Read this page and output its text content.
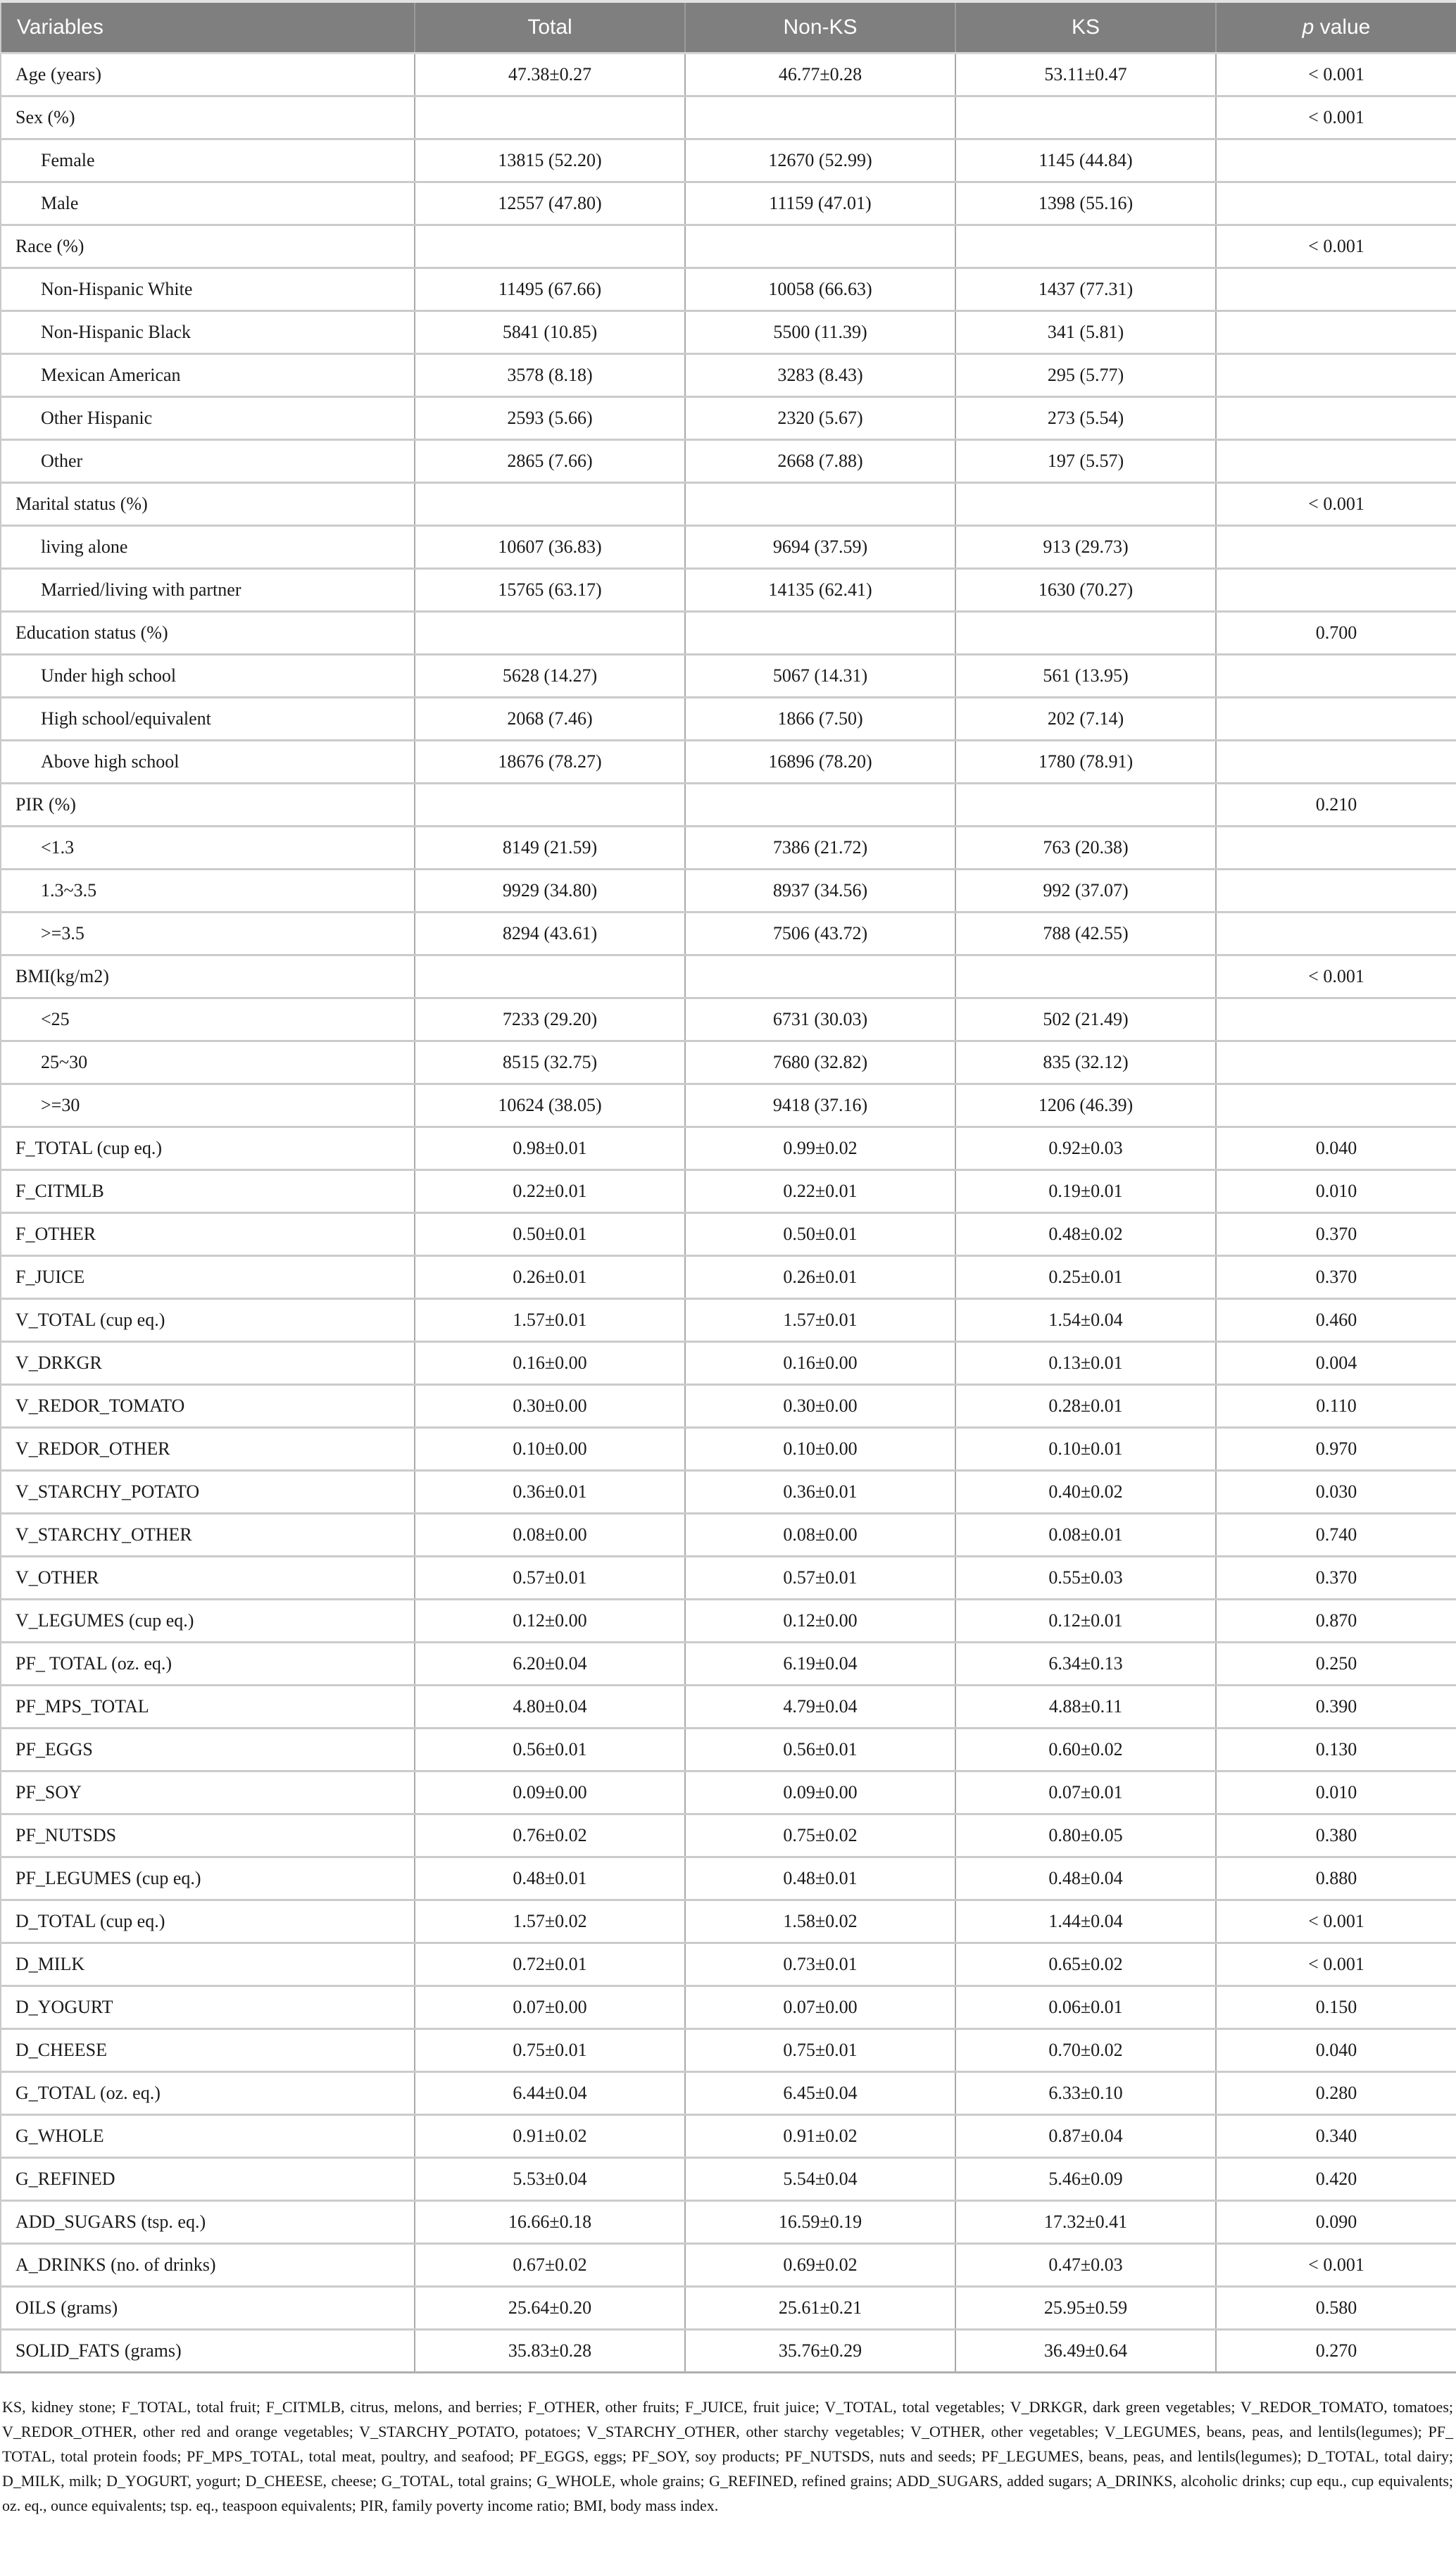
Variables	Total	Non-KS	KS	p value
Age (years)	47.38±0.27	46.77±0.28	53.11±0.47	< 0.001
Sex (%)				< 0.001
Female	13815 (52.20)	12670 (52.99)	1145 (44.84)	
Male	12557 (47.80)	11159 (47.01)	1398 (55.16)	
Race (%)				< 0.001
Non-Hispanic White	11495 (67.66)	10058 (66.63)	1437 (77.31)	
Non-Hispanic Black	5841 (10.85)	5500 (11.39)	341 (5.81)	
Mexican American	3578 (8.18)	3283 (8.43)	295 (5.77)	
Other Hispanic	2593 (5.66)	2320 (5.67)	273 (5.54)	
Other	2865 (7.66)	2668 (7.88)	197 (5.57)	
Marital status (%)				< 0.001
living alone	10607 (36.83)	9694 (37.59)	913 (29.73)	
Married/living with partner	15765 (63.17)	14135 (62.41)	1630 (70.27)	
Education status (%)				0.700
Under high school	5628 (14.27)	5067 (14.31)	561 (13.95)	
High school/equivalent	2068 (7.46)	1866 (7.50)	202 (7.14)	
Above high school	18676 (78.27)	16896 (78.20)	1780 (78.91)	
PIR (%)				0.210
<1.3	8149 (21.59)	7386 (21.72)	763 (20.38)	
1.3~3.5	9929 (34.80)	8937 (34.56)	992 (37.07)	
>=3.5	8294 (43.61)	7506 (43.72)	788 (42.55)	
BMI(kg/m2)				< 0.001
<25	7233 (29.20)	6731 (30.03)	502 (21.49)	
25~30	8515 (32.75)	7680 (32.82)	835 (32.12)	
>=30	10624 (38.05)	9418 (37.16)	1206 (46.39)	
F_TOTAL (cup eq.)	0.98±0.01	0.99±0.02	0.92±0.03	0.040
F_CITMLB	0.22±0.01	0.22±0.01	0.19±0.01	0.010
F_OTHER	0.50±0.01	0.50±0.01	0.48±0.02	0.370
F_JUICE	0.26±0.01	0.26±0.01	0.25±0.01	0.370
V_TOTAL (cup eq.)	1.57±0.01	1.57±0.01	1.54±0.04	0.460
V_DRKGR	0.16±0.00	0.16±0.00	0.13±0.01	0.004
V_REDOR_TOMATO	0.30±0.00	0.30±0.00	0.28±0.01	0.110
V_REDOR_OTHER	0.10±0.00	0.10±0.00	0.10±0.01	0.970
V_STARCHY_POTATO	0.36±0.01	0.36±0.01	0.40±0.02	0.030
V_STARCHY_OTHER	0.08±0.00	0.08±0.00	0.08±0.01	0.740
V_OTHER	0.57±0.01	0.57±0.01	0.55±0.03	0.370
V_LEGUMES (cup eq.)	0.12±0.00	0.12±0.00	0.12±0.01	0.870
PF_ TOTAL (oz. eq.)	6.20±0.04	6.19±0.04	6.34±0.13	0.250
PF_MPS_TOTAL	4.80±0.04	4.79±0.04	4.88±0.11	0.390
PF_EGGS	0.56±0.01	0.56±0.01	0.60±0.02	0.130
PF_SOY	0.09±0.00	0.09±0.00	0.07±0.01	0.010
PF_NUTSDS	0.76±0.02	0.75±0.02	0.80±0.05	0.380
PF_LEGUMES (cup eq.)	0.48±0.01	0.48±0.01	0.48±0.04	0.880
D_TOTAL (cup eq.)	1.57±0.02	1.58±0.02	1.44±0.04	< 0.001
D_MILK	0.72±0.01	0.73±0.01	0.65±0.02	< 0.001
D_YOGURT	0.07±0.00	0.07±0.00	0.06±0.01	0.150
D_CHEESE	0.75±0.01	0.75±0.01	0.70±0.02	0.040
G_TOTAL (oz. eq.)	6.44±0.04	6.45±0.04	6.33±0.10	0.280
G_WHOLE	0.91±0.02	0.91±0.02	0.87±0.04	0.340
G_REFINED	5.53±0.04	5.54±0.04	5.46±0.09	0.420
ADD_SUGARS (tsp. eq.)	16.66±0.18	16.59±0.19	17.32±0.41	0.090
A_DRINKS (no. of drinks)	0.67±0.02	0.69±0.02	0.47±0.03	< 0.001
OILS (grams)	25.64±0.20	25.61±0.21	25.95±0.59	0.580
SOLID_FATS (grams)	35.83±0.28	35.76±0.29	36.49±0.64	0.270

KS, kidney stone; F_TOTAL, total fruit; F_CITMLB, citrus, melons, and berries; F_OTHER, other fruits; F_JUICE, fruit juice; V_TOTAL, total vegetables; V_DRKGR, dark green vegetables; V_REDOR_TOMATO, tomatoes; V_REDOR_OTHER, other red and orange vegetables; V_STARCHY_POTATO, potatoes; V_STARCHY_OTHER, other starchy vegetables; V_OTHER, other vegetables; V_LEGUMES, beans, peas, and lentils(legumes); PF_ TOTAL, total protein foods; PF_MPS_TOTAL, total meat, poultry, and seafood; PF_EGGS, eggs; PF_SOY, soy products; PF_NUTSDS, nuts and seeds; PF_LEGUMES, beans, peas, and lentils(legumes); D_TOTAL, total dairy; D_MILK, milk; D_YOGURT, yogurt; D_CHEESE, cheese; G_TOTAL, total grains; G_WHOLE, whole grains; G_REFINED, refined grains; ADD_SUGARS, added sugars; A_DRINKS, alcoholic drinks; cup equ., cup equivalents; oz. eq., ounce equivalents; tsp. eq., teaspoon equivalents; PIR, family poverty income ratio; BMI, body mass index.
